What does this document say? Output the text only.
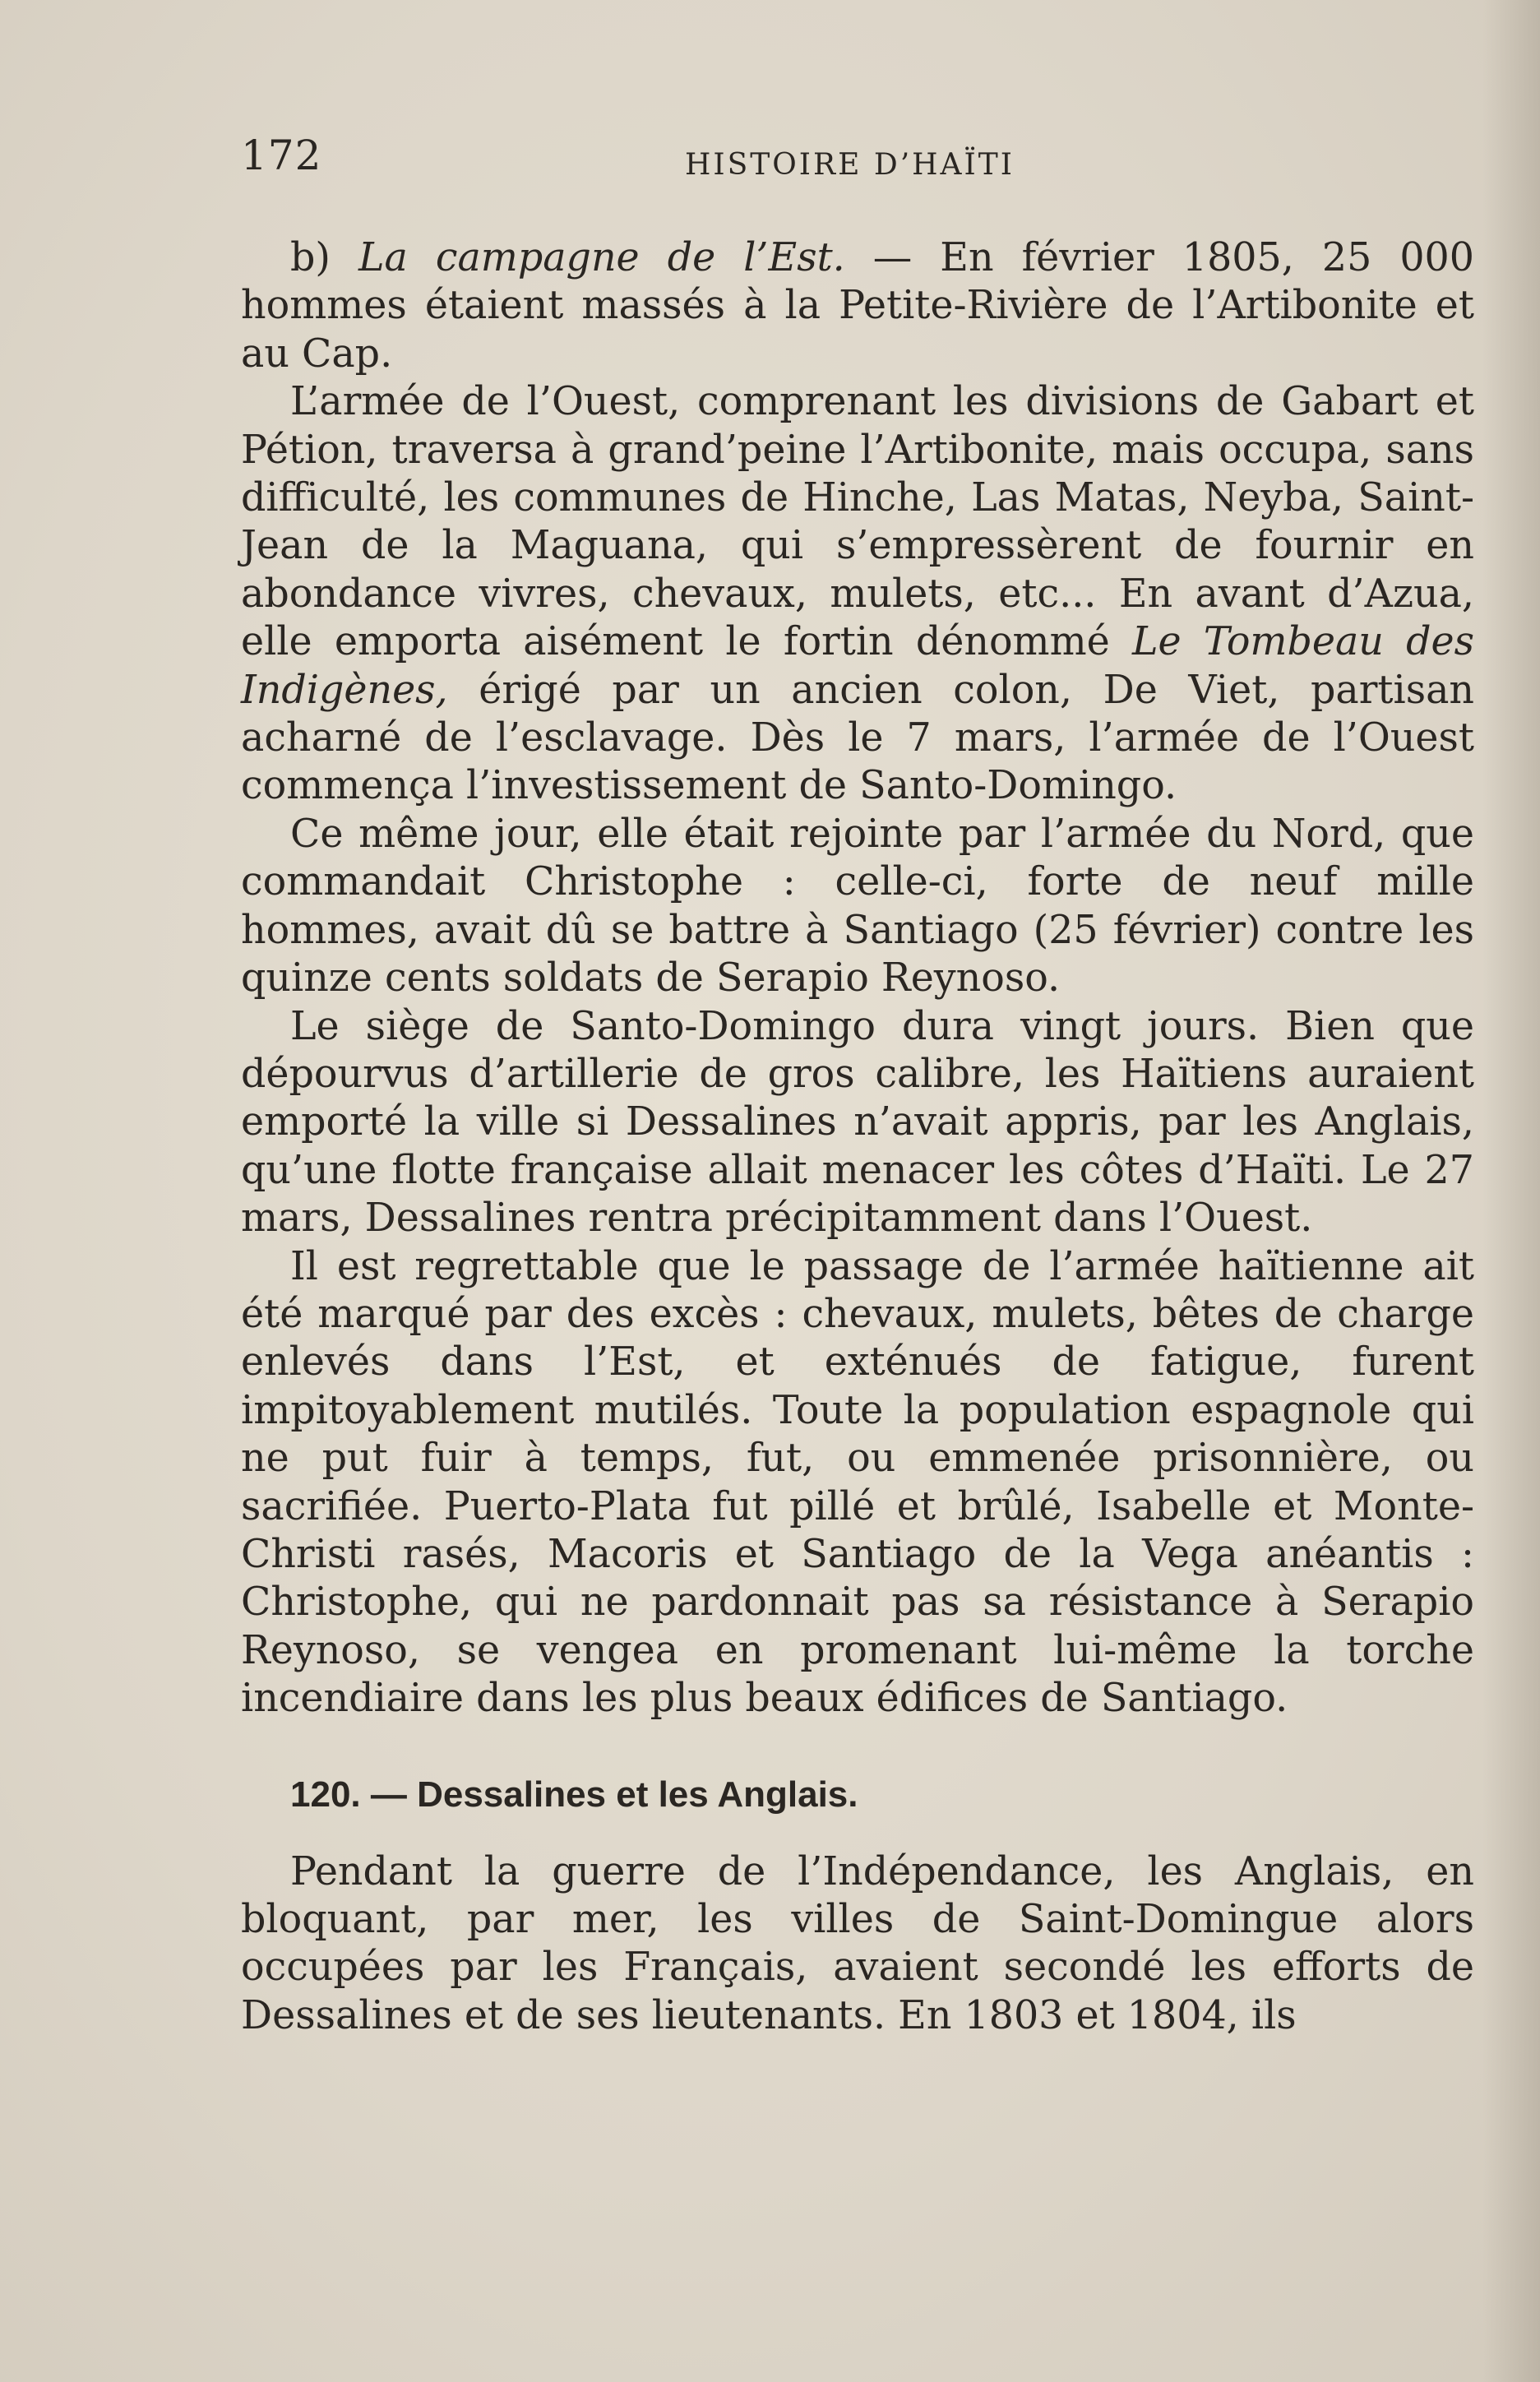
172	HISTOIRE D’HAÏTI

b) La campagne de l’Est. — En février 1805, 25 000 hommes étaient massés à la Petite-Rivière de l’Artibonite et au Cap.

L’armée de l’Ouest, comprenant les divisions de Gabart et Pétion, traversa à grand’peine l’Artibonite, mais occupa, sans difficulté, les communes de Hinche, Las Matas, Neyba, Saint-Jean de la Maguana, qui s’empressèrent de fournir en abondance vivres, chevaux, mulets, etc... En avant d’Azua, elle emporta aisément le fortin dénommé Le Tombeau des Indigènes, érigé par un ancien colon, De Viet, partisan acharné de l’esclavage. Dès le 7 mars, l’armée de l’Ouest commença l’investissement de Santo-Domingo.

Ce même jour, elle était rejointe par l’armée du Nord, que commandait Christophe : celle-ci, forte de neuf mille hommes, avait dû se battre à Santiago (25 février) contre les quinze cents soldats de Serapio Reynoso.

Le siège de Santo-Domingo dura vingt jours. Bien que dépourvus d’artillerie de gros calibre, les Haïtiens auraient emporté la ville si Dessalines n’avait appris, par les Anglais, qu’une flotte française allait menacer les côtes d’Haïti. Le 27 mars, Dessalines rentra précipitamment dans l’Ouest.

Il est regrettable que le passage de l’armée haïtienne ait été marqué par des excès : chevaux, mulets, bêtes de charge enlevés dans l’Est, et exténués de fatigue, furent impitoyablement mutilés. Toute la population espagnole qui ne put fuir à temps, fut, ou emmenée prisonnière, ou sacrifiée. Puerto-Plata fut pillé et brûlé, Isabelle et Monte-Christi rasés, Macoris et Santiago de la Vega anéantis : Christophe, qui ne pardonnait pas sa résistance à Serapio Reynoso, se vengea en promenant lui-même la torche incendiaire dans les plus beaux édifices de Santiago.

120. — Dessalines et les Anglais.

Pendant la guerre de l’Indépendance, les Anglais, en bloquant, par mer, les villes de Saint-Domingue alors occupées par les Français, avaient secondé les efforts de Dessalines et de ses lieutenants. En 1803 et 1804, ils
